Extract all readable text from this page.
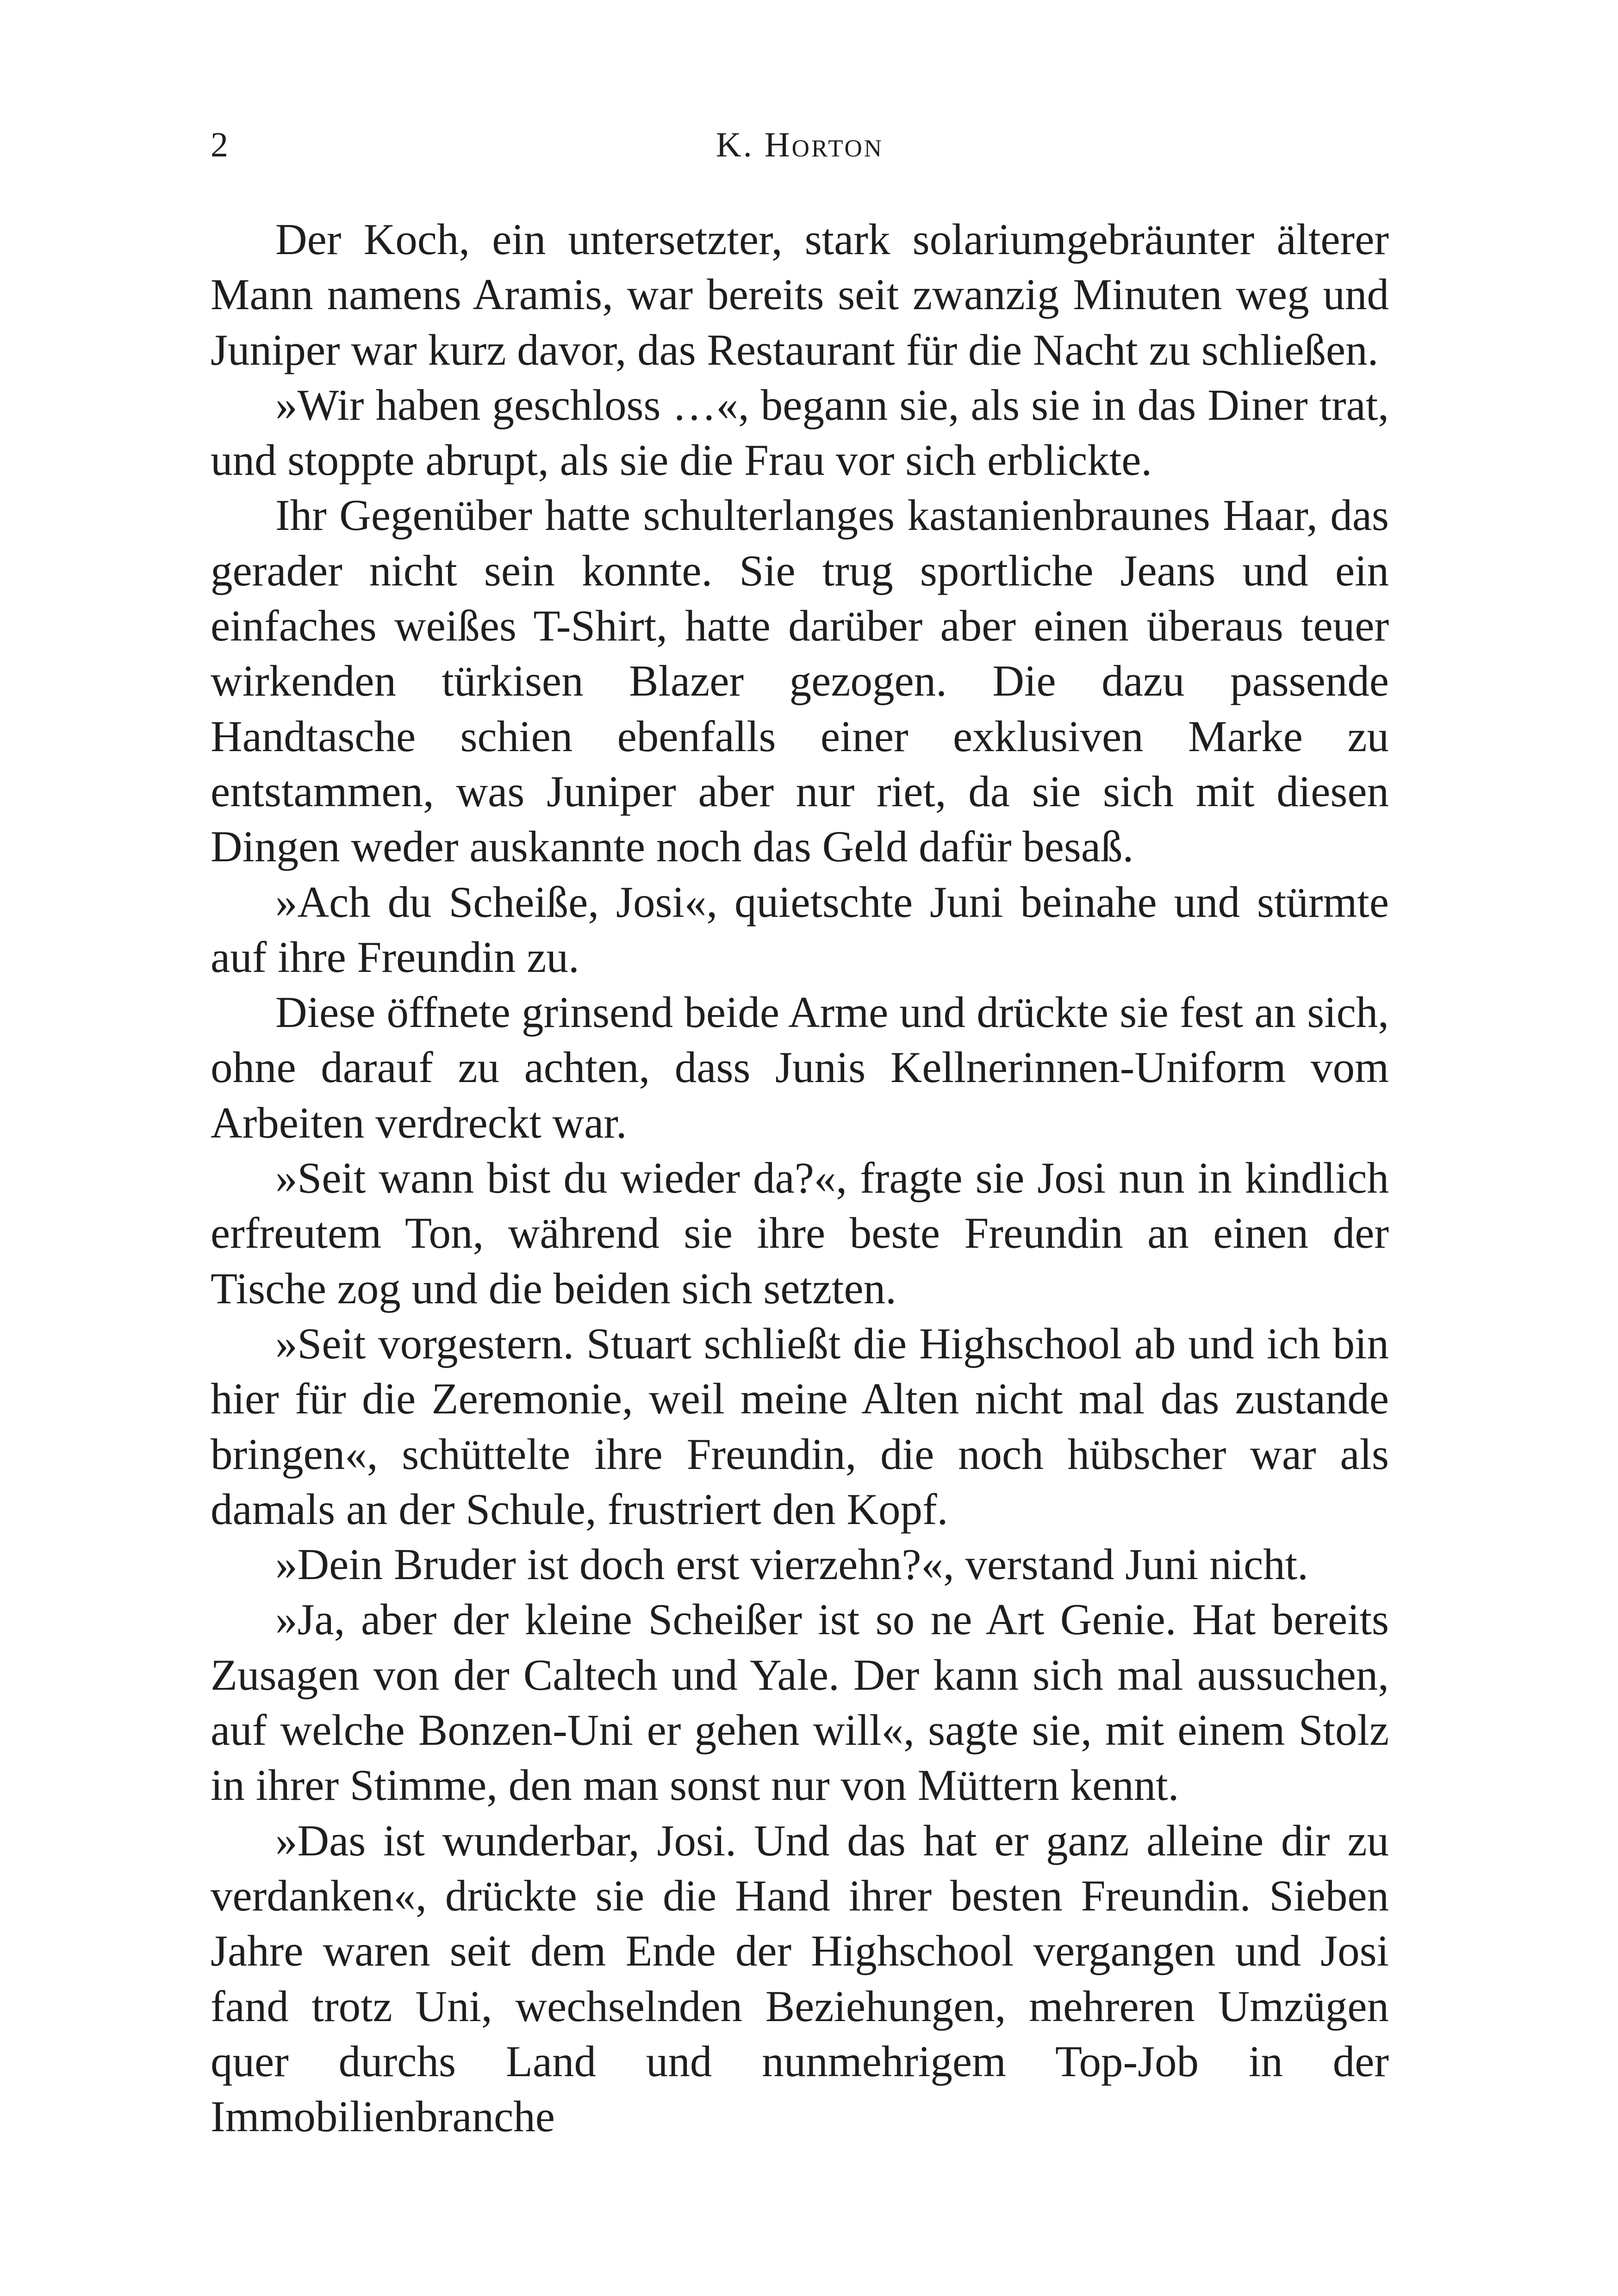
2	K. Horton

Der Koch, ein untersetzter, stark solariumgebräunter älterer Mann namens Aramis, war bereits seit zwanzig Minuten weg und Juniper war kurz davor, das Restaurant für die Nacht zu schließen.

»Wir haben geschloss …«, begann sie, als sie in das Diner trat, und stoppte abrupt, als sie die Frau vor sich erblickte.

Ihr Gegenüber hatte schulterlanges kastanienbraunes Haar, das gerader nicht sein konnte. Sie trug sportliche Jeans und ein einfaches weißes T-Shirt, hatte darüber aber einen überaus teuer wirkenden türkisen Blazer gezogen. Die dazu passende Handtasche schien ebenfalls einer exklusiven Marke zu entstammen, was Juniper aber nur riet, da sie sich mit diesen Dingen weder auskannte noch das Geld dafür besaß.

»Ach du Scheiße, Josi«, quietschte Juni beinahe und stürmte auf ihre Freundin zu.

Diese öffnete grinsend beide Arme und drückte sie fest an sich, ohne darauf zu achten, dass Junis Kellnerinnen-Uniform vom Arbeiten verdreckt war.

»Seit wann bist du wieder da?«, fragte sie Josi nun in kindlich erfreutem Ton, während sie ihre beste Freundin an einen der Tische zog und die beiden sich setzten.

»Seit vorgestern. Stuart schließt die Highschool ab und ich bin hier für die Zeremonie, weil meine Alten nicht mal das zustande bringen«, schüttelte ihre Freundin, die noch hübscher war als damals an der Schule, frustriert den Kopf.

»Dein Bruder ist doch erst vierzehn?«, verstand Juni nicht.

»Ja, aber der kleine Scheißer ist so ne Art Genie. Hat bereits Zusagen von der Caltech und Yale. Der kann sich mal aussuchen, auf welche Bonzen-Uni er gehen will«, sagte sie, mit einem Stolz in ihrer Stimme, den man sonst nur von Müttern kennt.

»Das ist wunderbar, Josi. Und das hat er ganz alleine dir zu verdanken«, drückte sie die Hand ihrer besten Freundin. Sieben Jahre waren seit dem Ende der Highschool vergangen und Josi fand trotz Uni, wechselnden Beziehungen, mehreren Umzügen quer durchs Land und nunmehrigem Top-Job in der Immobilienbranche
